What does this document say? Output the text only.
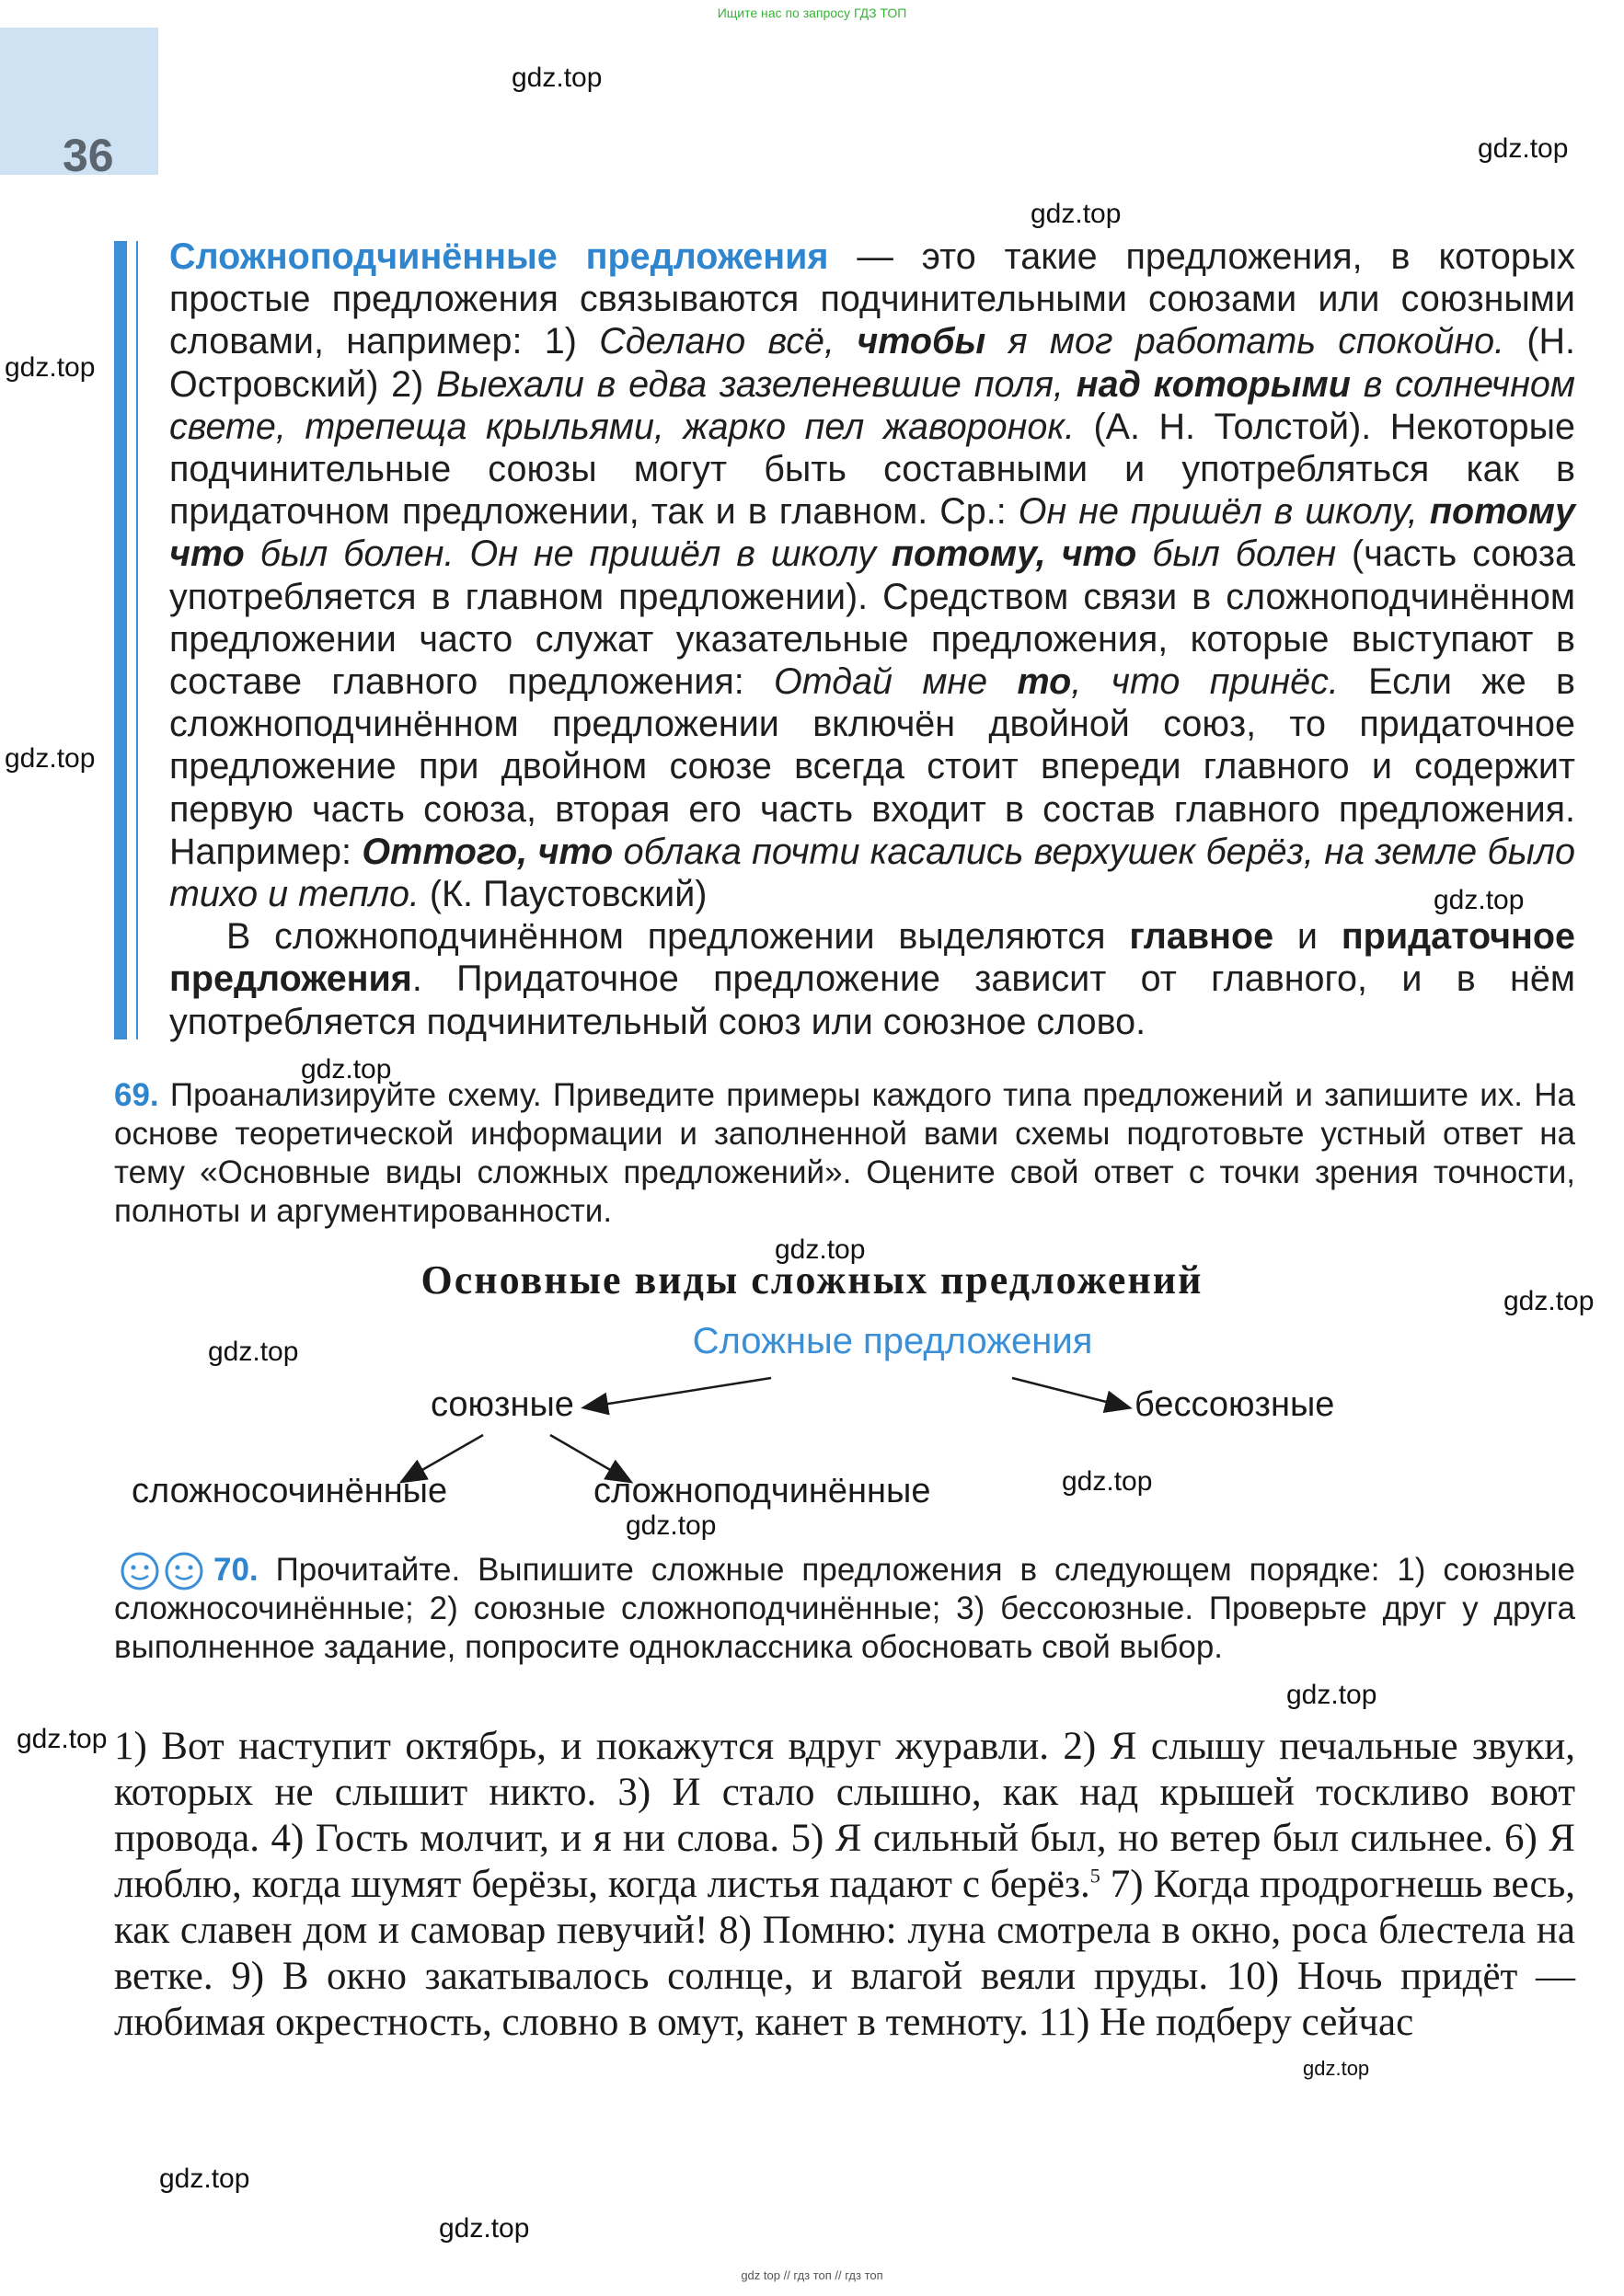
Ищите нас по запросу ГДЗ ТОП
36
gdz.top
gdz.top
gdz.top
gdz.top
gdz.top
gdz.top
gdz.top
gdz.top
gdz.top
gdz.top
gdz.top
gdz.top
gdz.top
gdz.top
gdz.top
gdz.top
gdz.top

Сложноподчинённые предложения — это такие предложения, в которых простые предложения связываются подчинительными союзами или союзными словами, например: 1) Сделано всё, чтобы я мог работать спокойно. (Н. Островский) 2) Выехали в едва зазеленевшие поля, над которыми в солнечном свете, трепеща крыльями, жарко пел жаворонок. (А. Н. Толстой). Некоторые подчинительные союзы могут быть составными и употребляться как в придаточном предложении, так и в главном. Ср.: Он не пришёл в школу, потому что был болен. Он не пришёл в школу потому, что был болен (часть союза употребляется в главном предложении). Средством связи в сложноподчинённом предложении часто служат указательные предложения, которые выступают в составе главного предложения: Отдай мне то, что принёс. Если же в сложноподчинённом предложении включён двойной союз, то придаточное предложение при двойном союзе всегда стоит впереди главного и содержит первую часть союза, вторая его часть входит в состав главного предложения. Например: Оттого, что облака почти касались верхушек берёз, на земле было тихо и тепло. (К. Паустовский)

В сложноподчинённом предложении выделяются главное и придаточное предложения. Придаточное предложение зависит от главного, и в нём употребляется подчинительный союз или союзное слово.

69. Проанализируйте схему. Приведите примеры каждого типа предложений и запишите их. На основе теоретической информации и заполненной вами схемы подготовьте устный ответ на тему «Основные виды сложных предложений». Оцените свой ответ с точки зрения точности, полноты и аргументированности.
Основные виды сложных предложений
Сложные предложения
союзные	бессоюзные
сложносочинённые	сложноподчинённые
70. Прочитайте. Выпишите сложные предложения в следующем порядке: 1) союзные сложносочинённые; 2) союзные сложноподчинённые; 3) бессоюзные. Проверьте друг у друга выполненное задание, попросите одноклассника обосновать свой выбор.
1) Вот наступит октябрь, и покажутся вдруг журавли. 2) Я слышу печальные звуки, которых не слышит никто. 3) И стало слышно, как над крышей тоскливо воют провода. 4) Гость молчит, и я ни слова. 5) Я сильный был, но ветер был сильнее. 6) Я люблю, когда шумят берёзы, когда листья падают с берёз.$^5$ 7) Когда продрогнешь весь, как славен дом и самовар певучий! 8) Помню: луна смотрела в окно, роса блестела на ветке. 9) В окно закатывалось солнце, и влагой веяли пруды. 10) Ночь придёт — любимая окрестность, словно в омут, канет в темноту. 11) Не подберу сейчас
gdz top // гдз топ // гдз топ
